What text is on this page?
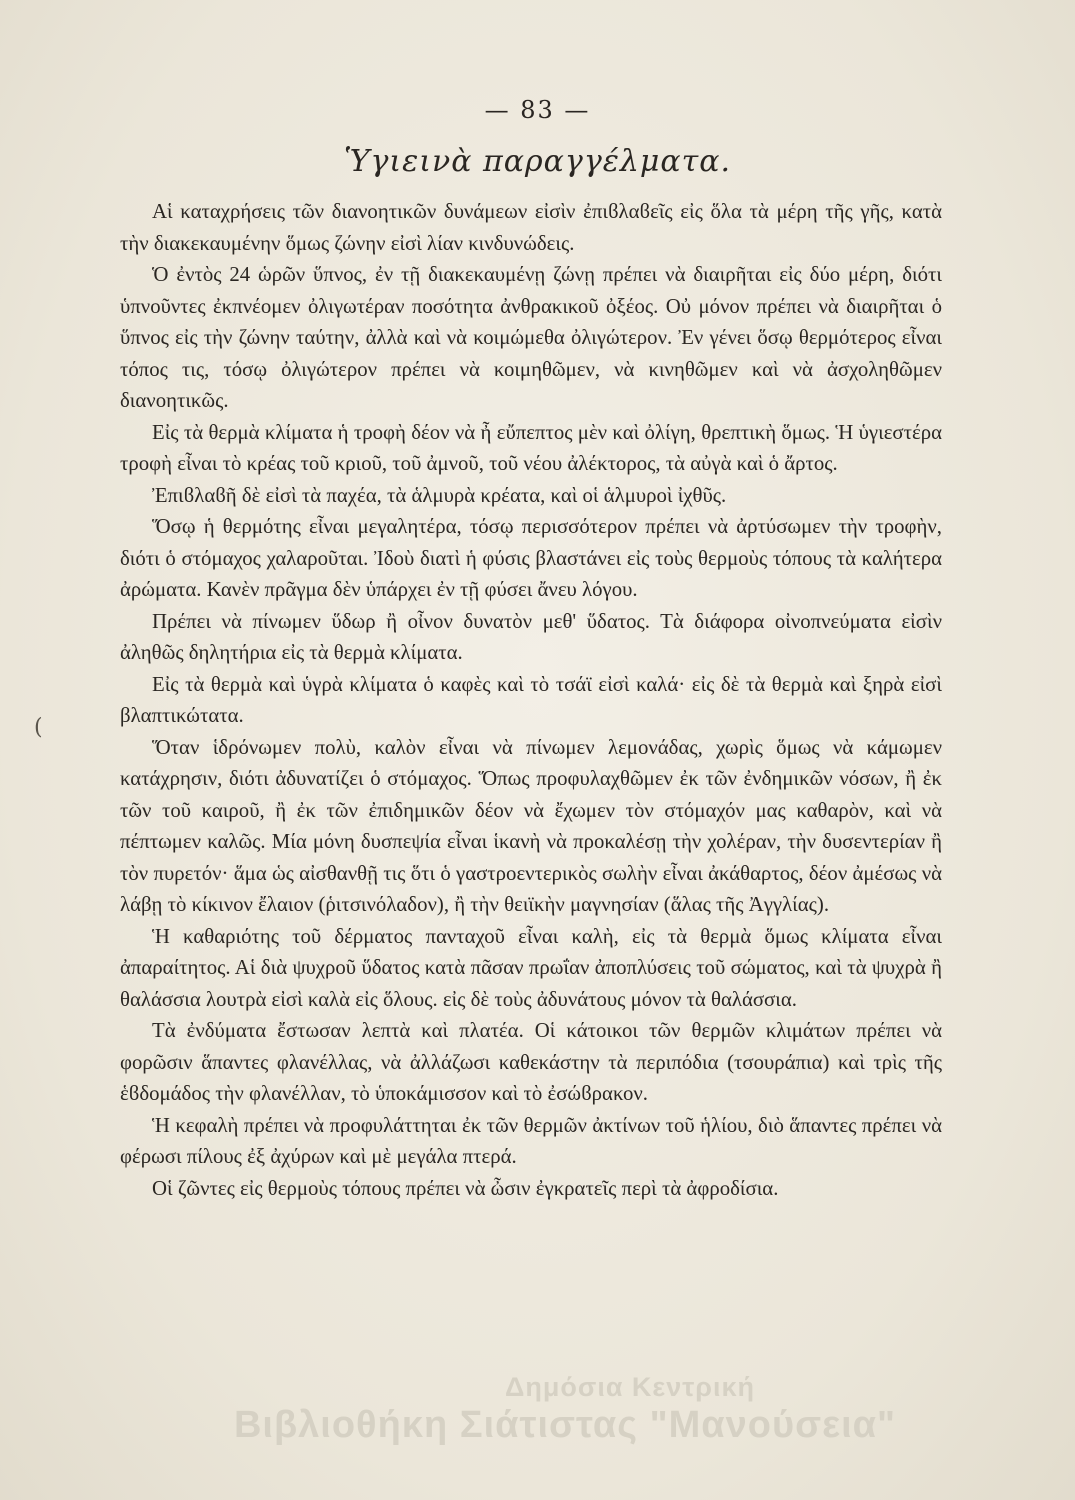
— 83 —
Ὑγιεινὰ παραγγέλματα.
(

Αἱ καταχρήσεις τῶν διανοητικῶν δυνάμεων εἰσὶν ἐπιϐλαϐεῖς εἰς ὅλα τὰ μέρη τῆς γῆς, κατὰ τὴν διακεκαυμένην ὅμως ζώνην εἰσὶ λίαν κινδυνώδεις.

Ὁ ἐντὸς 24 ὡρῶν ὕπνος, ἐν τῇ διακεκαυμένῃ ζώνῃ πρέπει νὰ διαιρῆται εἰς δύο μέρη, διότι ὑπνοῦντες ἐκπνέομεν ὀλιγωτέραν ποσότητα ἀνθρακικοῦ ὀξέος. Οὐ μόνον πρέπει νὰ διαιρῆται ὁ ὕπνος εἰς τὴν ζώνην ταύτην, ἀλλὰ καὶ νὰ κοιμώμεθα ὀλιγώτερον. Ἐν γένει ὅσῳ θερμότερος εἶναι τόπος τις, τόσῳ ὀλιγώτερον πρέπει νὰ κοιμηθῶμεν, νὰ κινηθῶμεν καὶ νὰ ἀσχοληθῶμεν διανοητικῶς.

Εἰς τὰ θερμὰ κλίματα ἡ τροφὴ δέον νὰ ἦ εὔπεπτος μὲν καὶ ὀλίγη, θρεπτικὴ ὅμως. Ἡ ὑγιεστέρα τροφὴ εἶναι τὸ κρέας τοῦ κριοῦ, τοῦ ἀμνοῦ, τοῦ νέου ἀλέκτορος, τὰ αὐγὰ καὶ ὁ ἄρτος.

Ἐπιϐλαϐῆ δὲ εἰσὶ τὰ παχέα, τὰ ἁλμυρὰ κρέατα, καὶ οἱ ἁλμυροὶ ἰχθῦς.

Ὅσῳ ἡ θερμότης εἶναι μεγαλητέρα, τόσῳ περισσότερον πρέπει νὰ ἀρτύσωμεν τὴν τροφὴν, διότι ὁ στόμαχος χαλαροῦται. Ἰδοὺ διατὶ ἡ φύσις βλαστάνει εἰς τοὺς θερμοὺς τόπους τὰ καλήτερα ἀρώματα. Κανὲν πρᾶγμα δὲν ὑπάρχει ἐν τῇ φύσει ἄνευ λόγου.

Πρέπει νὰ πίνωμεν ὕδωρ ἢ οἶνον δυνατὸν μεθ' ὕδατος. Τὰ διάφορα οἰνοπνεύματα εἰσὶν ἀληθῶς δηλητήρια εἰς τὰ θερμὰ κλίματα.

Εἰς τὰ θερμὰ καὶ ὑγρὰ κλίματα ὁ καφὲς καὶ τὸ τσάϊ εἰσὶ καλά· εἰς δὲ τὰ θερμὰ καὶ ξηρὰ εἰσὶ βλαπτικώτατα.

Ὅταν ἱδρόνωμεν πολὺ, καλὸν εἶναι νὰ πίνωμεν λεμονάδας, χωρὶς ὅμως νὰ κάμωμεν κατάχρησιν, διότι ἀδυνατίζει ὁ στόμαχος. Ὅπως προφυλαχθῶμεν ἐκ τῶν ἐνδημικῶν νόσων, ἢ ἐκ τῶν τοῦ καιροῦ, ἢ ἐκ τῶν ἐπιδημικῶν δέον νὰ ἔχωμεν τὸν στόμαχόν μας καθαρὸν, καὶ νὰ πέπτωμεν καλῶς. Μία μόνη δυσπεψία εἶναι ἱκανὴ νὰ προκαλέσῃ τὴν χολέραν, τὴν δυσεντερίαν ἢ τὸν πυρετόν· ἅμα ὡς αἰσθανθῇ τις ὅτι ὁ γαστροεντερικὸς σωλὴν εἶναι ἀκάθαρτος, δέον ἀμέσως νὰ λάβῃ τὸ κίκινον ἔλαιον (ῥιτσινόλαδον), ἢ τὴν θειϊκὴν μαγνησίαν (ἅλας τῆς Ἀγγλίας).

Ἡ καθαριότης τοῦ δέρματος πανταχοῦ εἶναι καλὴ, εἰς τὰ θερμὰ ὅμως κλίματα εἶναι ἀπαραίτητος. Αἱ διὰ ψυχροῦ ὕδατος κατὰ πᾶσαν πρωΐαν ἀποπλύσεις τοῦ σώματος, καὶ τὰ ψυχρὰ ἢ θαλάσσια λουτρὰ εἰσὶ καλὰ εἰς ὅλους. εἰς δὲ τοὺς ἀδυνάτους μόνον τὰ θαλάσσια.

Τὰ ἐνδύματα ἔστωσαν λεπτὰ καὶ πλατέα. Οἱ κάτοικοι τῶν θερμῶν κλιμάτων πρέπει νὰ φορῶσιν ἅπαντες φλανέλλας, νὰ ἀλλάζωσι καθεκάστην τὰ περιπόδια (τσουράπια) καὶ τρὶς τῆς ἑϐδομάδος τὴν φλανέλλαν, τὸ ὑποκάμισσον καὶ τὸ ἐσώϐρακον.

Ἡ κεφαλὴ πρέπει νὰ προφυλάττηται ἐκ τῶν θερμῶν ἀκτίνων τοῦ ἡλίου, διὸ ἅπαντες πρέπει νὰ φέρωσι πίλους ἐξ ἀχύρων καὶ μὲ μεγάλα πτερά.

Οἱ ζῶντες εἰς θερμοὺς τόπους πρέπει νὰ ὦσιν ἐγκρατεῖς περὶ τὰ ἀφροδίσια.

Δημόσια Κεντρική
Βιβλιοθήκη Σιάτιστας "Μανούσεια"
